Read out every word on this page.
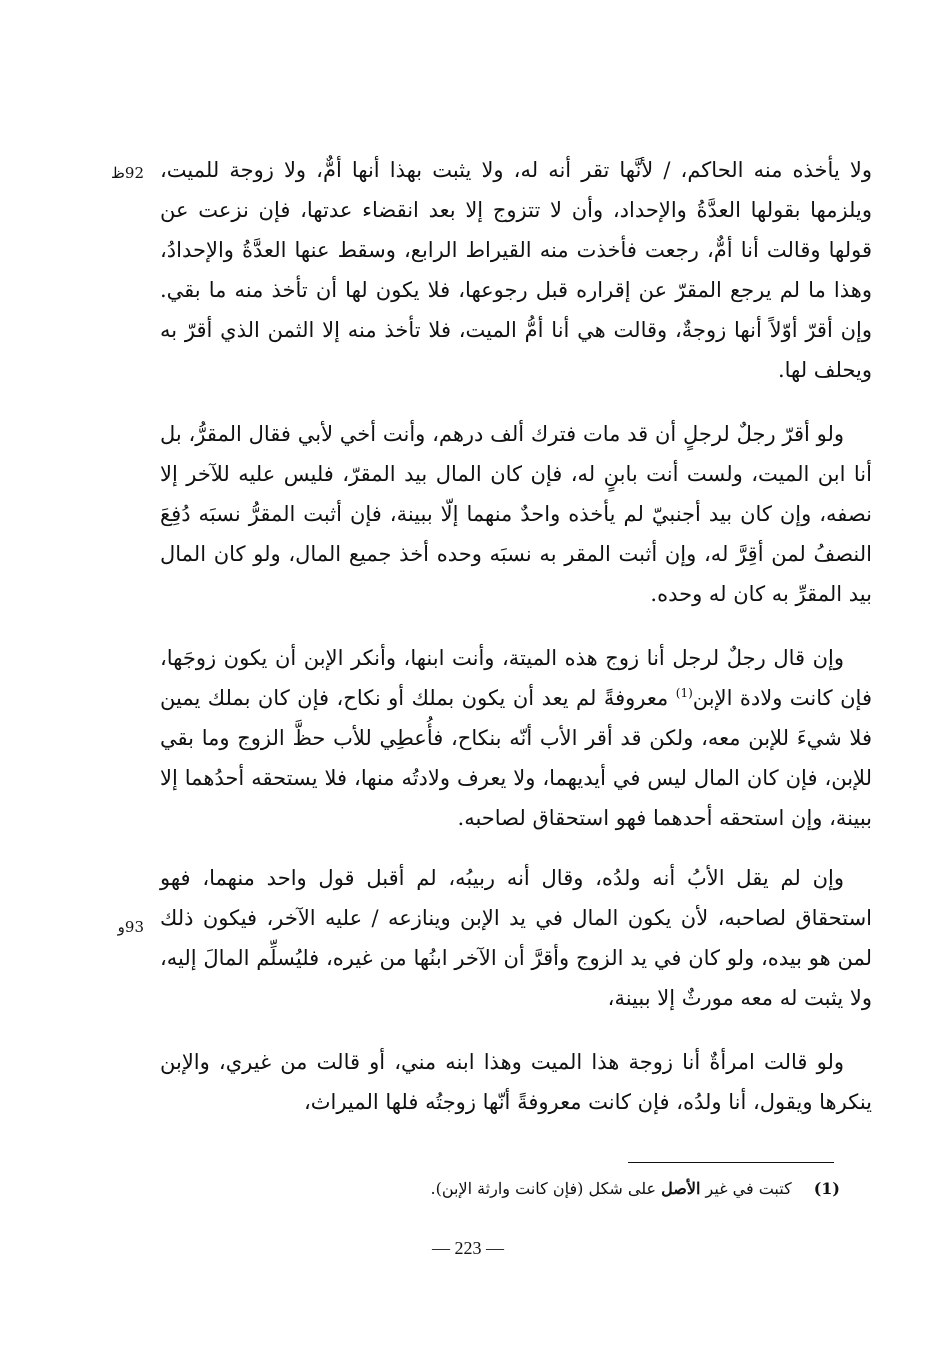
92ظ
93و

ولا يأخذه منه الحاكم، / لأنَّها تقر أنه له، ولا يثبت بهذا أنها أمٌّ، ولا زوجة للميت، ويلزمها بقولها العدَّةُ والإحداد، وأن لا تتزوج إلا بعد انقضاء عدتها، فإن نزعت عن قولها وقالت أنا أمٌّ، رجعت فأخذت منه القيراط الرابع، وسقط عنها العدَّةُ والإحدادُ، وهذا ما لم يرجع المقرّ عن إقراره قبل رجوعها، فلا يكون لها أن تأخذ منه ما بقي. وإن أقرّ أوّلاً أنها زوجةٌ، وقالت هي أنا أمُّ الميت، فلا تأخذ منه إلا الثمن الذي أقرّ به ويحلف لها.

ولو أقرّ رجلٌ لرجلٍ أن قد مات فترك ألف درهم، وأنت أخي لأبي فقال المقرُّ، بل أنا ابن الميت، ولست أنت بابنٍ له، فإن كان المال بيد المقرّ، فليس عليه للآخر إلا نصفه، وإن كان بيد أجنبيّ لم يأخذه واحدٌ منهما إلّا ببينة، فإن أثبت المقرُّ نسبَه دُفِعَ النصفُ لمن أقِرَّ له، وإن أثبت المقر به نسبَه وحده أخذ جميع المال، ولو كان المال بيد المقرِّ به كان له وحده.

وإن قال رجلٌ لرجل أنا زوج هذه الميتة، وأنت ابنها، وأنكر الإبن أن يكون زوجَها، فإن كانت ولادة الإبن$^{(1)}$ معروفةً لم يعد أن يكون بملك أو نكاح، فإن كان بملك يمين فلا شيءَ للإبن معه، ولكن قد أقر الأب أنّه بنكاح، فأُعطِي للأب حظَّ الزوج وما بقي للإبن، فإن كان المال ليس في أيديهما، ولا يعرف ولادتُه منها، فلا يستحقه أحدُهما إلا ببينة، وإن استحقه أحدهما فهو استحقاق لصاحبه.

وإن لم يقل الأبُ أنه ولدُه، وقال أنه ربيبُه، لم أقبل قول واحد منهما، فهو استحقاق لصاحبه، لأن يكون المال في يد الإبن وينازعه / عليه الآخر، فيكون ذلك لمن هو بيده، ولو كان في يد الزوج وأقرَّ أن الآخر ابنُها من غيره، فليُسلِّم المالَ إليه، ولا يثبت له معه مورثٌ إلا ببينة،

ولو قالت امرأةٌ أنا زوجة هذا الميت وهذا ابنه مني، أو قالت من غيري، والإبن ينكرها ويقول، أنا ولدُه، فإن كانت معروفةً أنّها زوجتُه فلها الميراث،

(1)كتبت في غير الأصل على شكل (فإن كانت وارثة الإبن).
— 223 —
